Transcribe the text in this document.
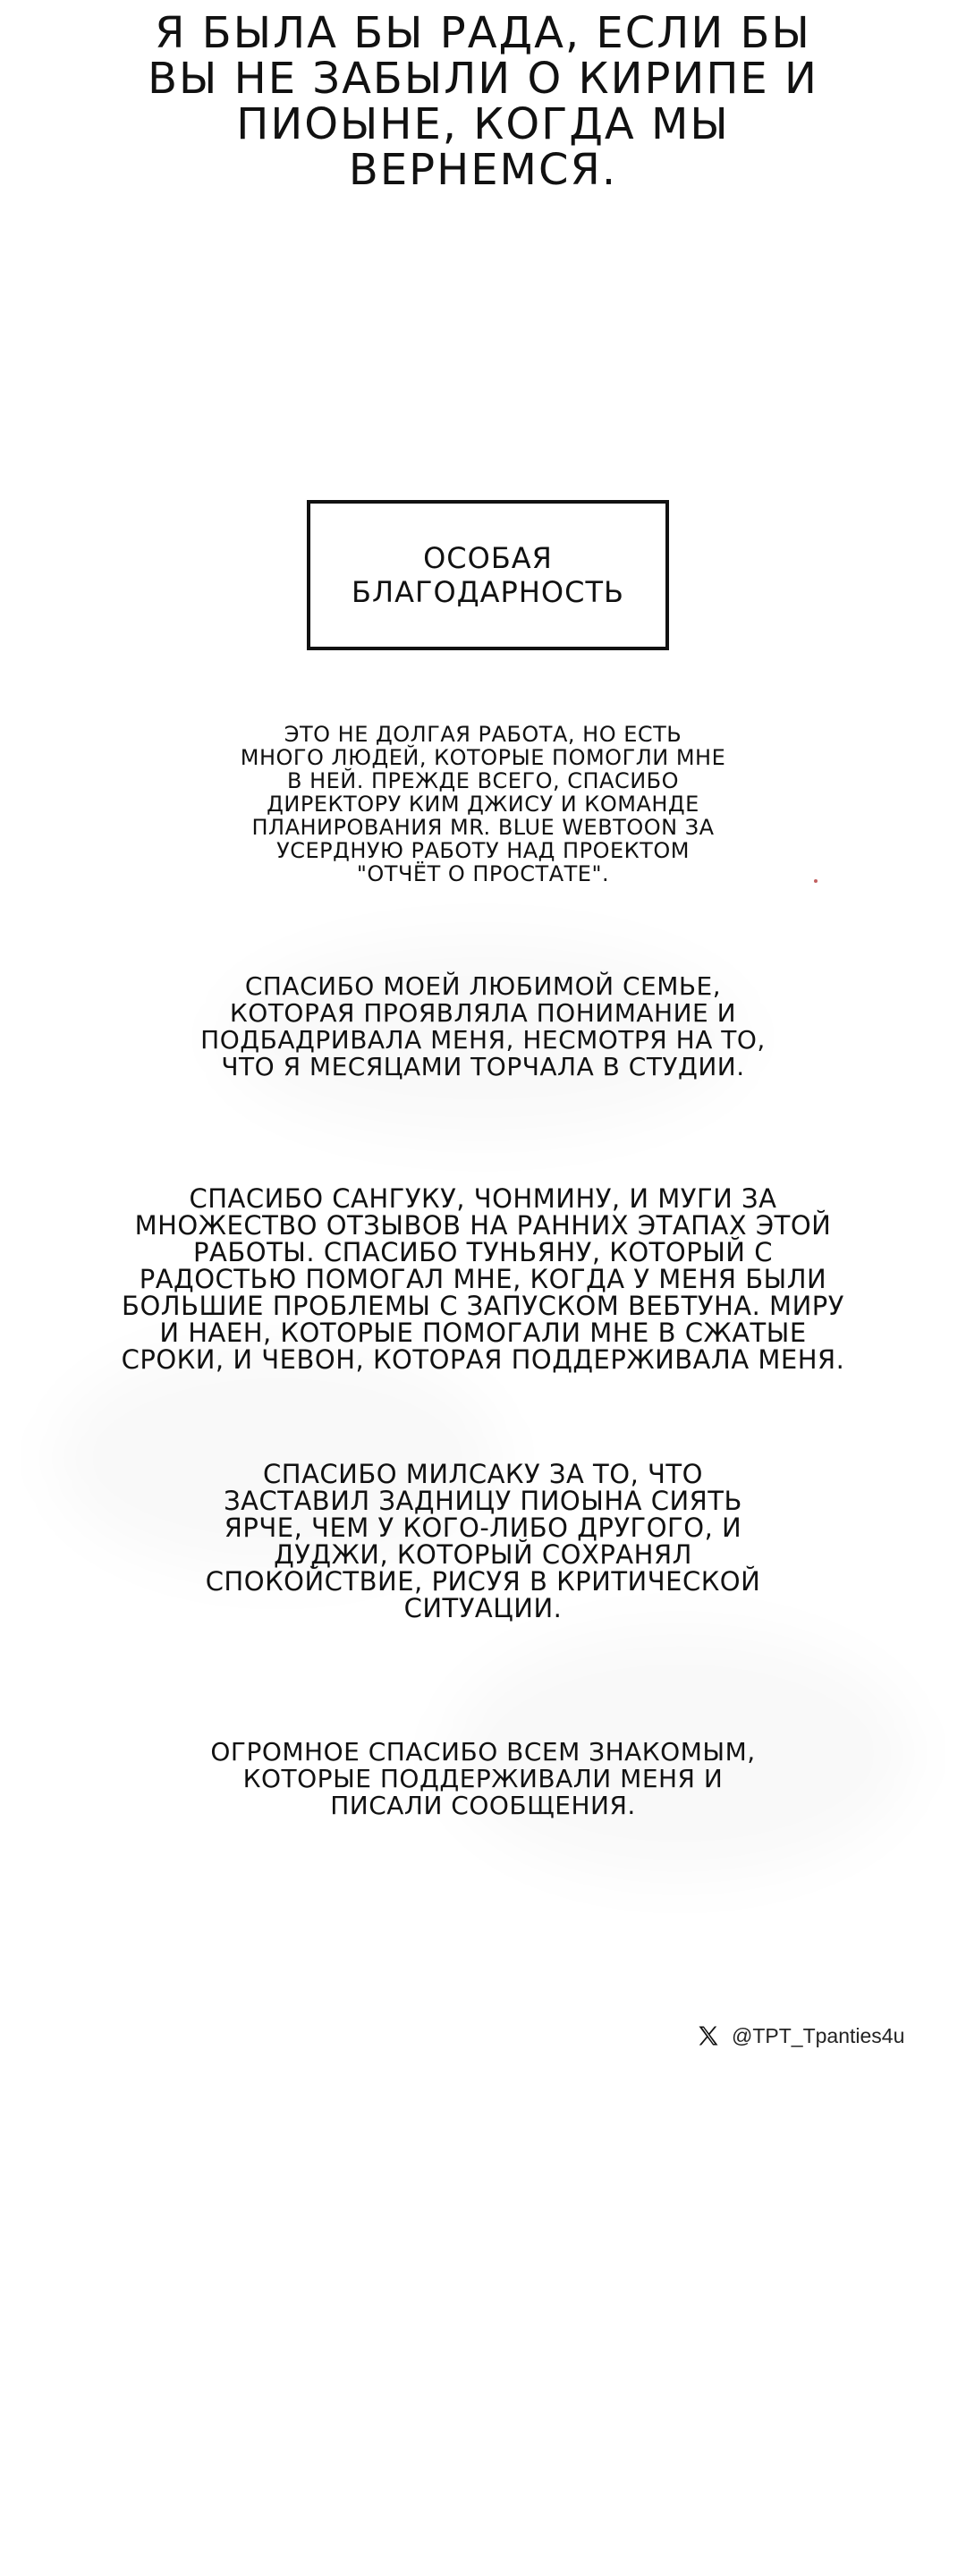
Я БЫЛА БЫ РАДА, ЕСЛИ БЫ
ВЫ НЕ ЗАБЫЛИ О КИРИПЕ И
ПИОЫНЕ, КОГДА МЫ
ВЕРНЕМСЯ.
ОСОБАЯ
БЛАГОДАРНОСТЬ

ЭТО НЕ ДОЛГАЯ РАБОТА, НО ЕСТЬ
МНОГО ЛЮДЕЙ, КОТОРЫЕ ПОМОГЛИ МНЕ
В НЕЙ. ПРЕЖДЕ ВСЕГО, СПАСИБО
ДИРЕКТОРУ КИМ ДЖИСУ И КОМАНДЕ
ПЛАНИРОВАНИЯ MR. BLUE WEBTOON ЗА
УСЕРДНУЮ РАБОТУ НАД ПРОЕКТОМ
"ОТЧЁТ О ПРОСТАТЕ".

СПАСИБО МОЕЙ ЛЮБИМОЙ СЕМЬЕ,
КОТОРАЯ ПРОЯВЛЯЛА ПОНИМАНИЕ И
ПОДБАДРИВАЛА МЕНЯ, НЕСМОТРЯ НА ТО,
ЧТО Я МЕСЯЦАМИ ТОРЧАЛА В СТУДИИ.

СПАСИБО САНГУКУ, ЧОНМИНУ, И МУГИ ЗА
МНОЖЕСТВО ОТЗЫВОВ НА РАННИХ ЭТАПАХ ЭТОЙ
РАБОТЫ. СПАСИБО ТУНЬЯНУ, КОТОРЫЙ С
РАДОСТЬЮ ПОМОГАЛ МНЕ, КОГДА У МЕНЯ БЫЛИ
БОЛЬШИЕ ПРОБЛЕМЫ С ЗАПУСКОМ ВЕБТУНА. МИРУ
И НАЕН, КОТОРЫЕ ПОМОГАЛИ МНЕ В СЖАТЫЕ
СРОКИ, И ЧЕВОН, КОТОРАЯ ПОДДЕРЖИВАЛА МЕНЯ.

СПАСИБО МИЛСАКУ ЗА ТО, ЧТО
ЗАСТАВИЛ ЗАДНИЦУ ПИОЫНА СИЯТЬ
ЯРЧЕ, ЧЕМ У КОГО-ЛИБО ДРУГОГО, И
ДУДЖИ, КОТОРЫЙ СОХРАНЯЛ
СПОКОЙСТВИЕ, РИСУЯ В КРИТИЧЕСКОЙ
СИТУАЦИИ.

ОГРОМНОЕ СПАСИБО ВСЕМ ЗНАКОМЫМ,
КОТОРЫЕ ПОДДЕРЖИВАЛИ МЕНЯ И
ПИСАЛИ СООБЩЕНИЯ.

@TPT_Tpanties4u
